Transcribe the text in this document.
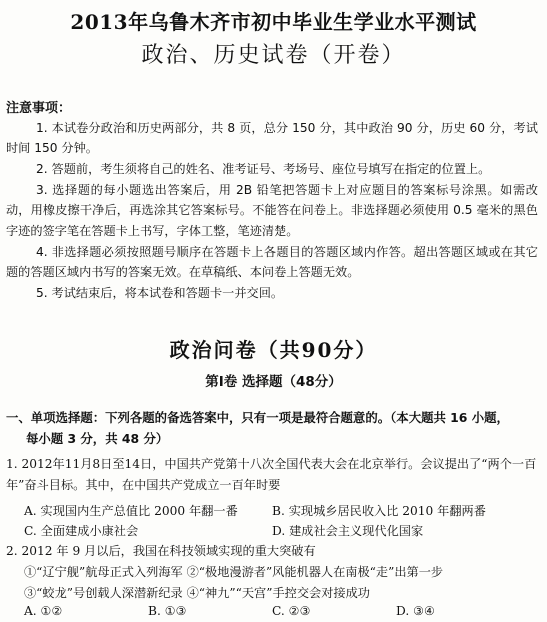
2013年乌鲁木齐市初中毕业生学业水平测试
政治、历史试卷（开卷）
注意事项：
1. 本试卷分政治和历史两部分，共 8 页，总分 150 分，其中政治 90 分，历史 60 分，考试时间 150 分钟。
2. 答题前，考生须将自己的姓名、准考证号、考场号、座位号填写在指定的位置上。
3. 选择题的每小题选出答案后，用 2B 铅笔把答题卡上对应题目的答案标号涂黑。如需改动，用橡皮擦干净后，再选涂其它答案标号。不能答在问卷上。非选择题必须使用 0.5 毫米的黑色字迹的签字笔在答题卡上书写，字体工整，笔迹清楚。
4. 非选择题必须按照题号顺序在答题卡上各题目的答题区域内作答。超出答题区域或在其它题的答题区域内书写的答案无效。在草稿纸、本问卷上答题无效。
5. 考试结束后，将本试卷和答题卡一并交回。
政治问卷（共90分）
第Ⅰ卷 选择题（48分）
一、单项选择题：下列各题的备选答案中，只有一项是最符合题意的。（本大题共 16 小题，
每小题 3 分，共 48 分）
1. 2012年11月8日至14日，中国共产党第十八次全国代表大会在北京举行。会议提出了“两个一百年”奋斗目标。其中，在中国共产党成立一百年时要
A. 实现国内生产总值比 2000 年翻一番	B. 实现城乡居民收入比 2010 年翻两番
C. 全面建成小康社会	D. 建成社会主义现代化国家
2. 2012 年 9 月以后，我国在科技领域实现的重大突破有
①“辽宁舰”航母正式入列海军 ②“极地漫游者”风能机器人在南极“走”出第一步
③“蛟龙”号创载人深潜新纪录 ④“神九”“天宫”手控交会对接成功
A. ①②	B. ①③	C. ②③	D. ③④
